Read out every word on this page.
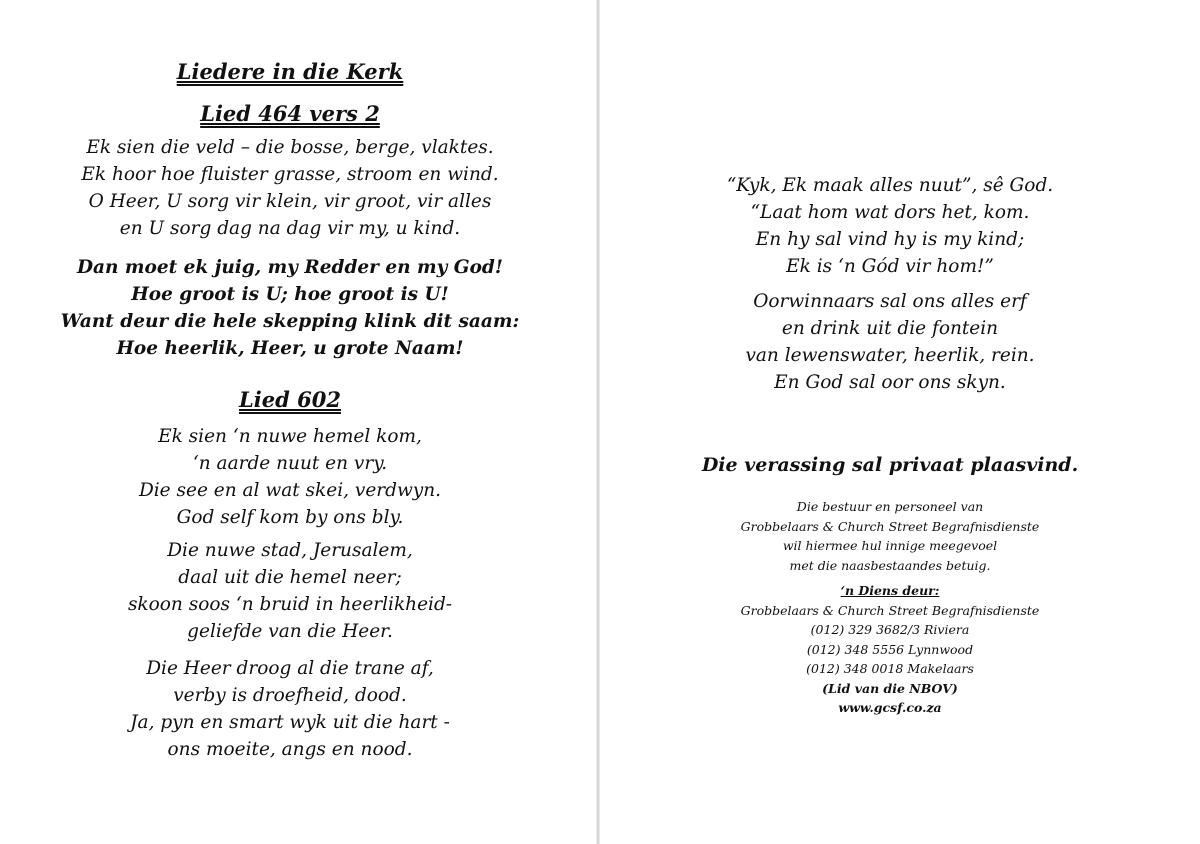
Liedere in die Kerk
Lied 464 vers 2

Ek sien die veld – die bosse, berge, vlaktes.
Ek hoor hoe fluister grasse, stroom en wind.
O Heer, U sorg vir klein, vir groot, vir alles
en U sorg dag na dag vir my, u kind.

Dan moet ek juig, my Redder en my God!
Hoe groot is U; hoe groot is U!
Want deur die hele skepping klink dit saam:
Hoe heerlik, Heer, u grote Naam!

Lied 602

Ek sien ‘n nuwe hemel kom,
‘n aarde nuut en vry.
Die see en al wat skei, verdwyn.
God self kom by ons bly.

Die nuwe stad, Jerusalem,
daal uit die hemel neer;
skoon soos ‘n bruid in heerlikheid-
geliefde van die Heer.

Die Heer droog al die trane af,
verby is droefheid, dood.
Ja, pyn en smart wyk uit die hart -
ons moeite, angs en nood.

“Kyk, Ek maak alles nuut”, sê God.
“Laat hom wat dors het, kom.
En hy sal vind hy is my kind;
Ek is ‘n Gód vir hom!”

Oorwinnaars sal ons alles erf
en drink uit die fontein
van lewenswater, heerlik, rein.
En God sal oor ons skyn.

Die verassing sal privaat plaasvind.

Die bestuur en personeel van
Grobbelaars & Church Street Begrafnisdienste
wil hiermee hul innige meegevoel
met die naasbestaandes betuig.

‘n Diens deur:
Grobbelaars & Church Street Begrafnisdienste
(012) 329 3682/3 Riviera
(012) 348 5556 Lynnwood
(012) 348 0018 Makelaars
(Lid van die NBOV)
www.gcsf.co.za
